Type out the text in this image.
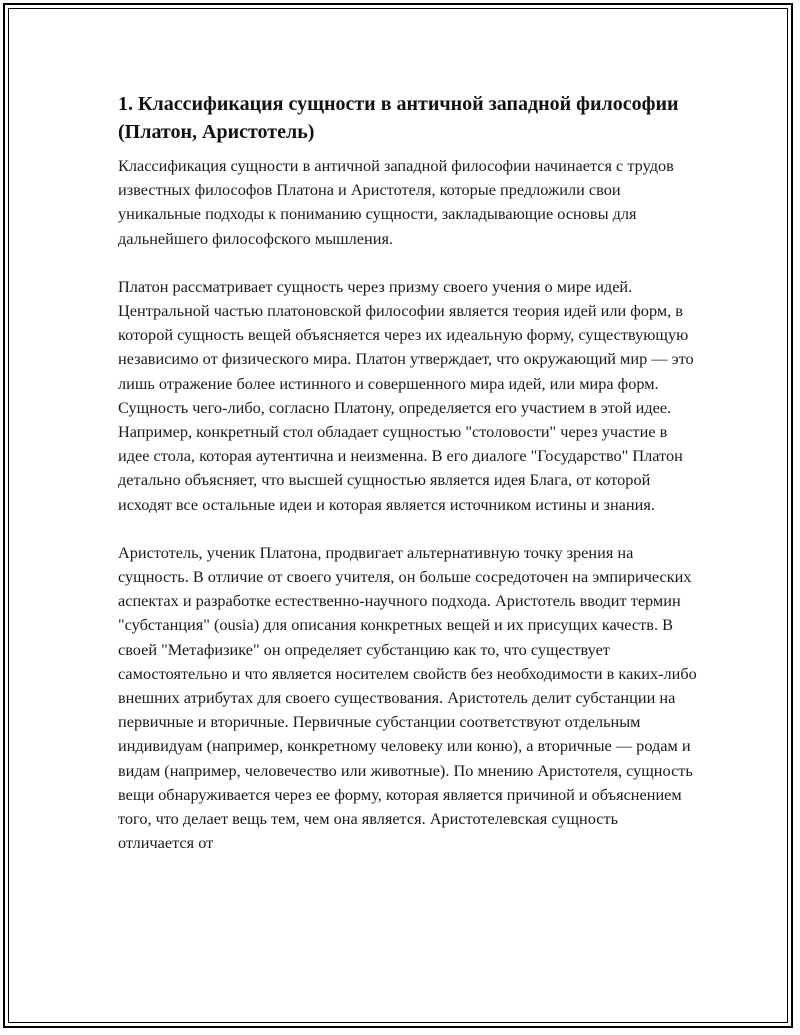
1. Классификация сущности в античной западной философии (Платон, Аристотель)

Классификация сущности в античной западной философии начинается с трудов известных философов Платона и Аристотеля, которые предложили свои уникальные подходы к пониманию сущности, закладывающие основы для дальнейшего философского мышления.

Платон рассматривает сущность через призму своего учения о мире идей. Центральной частью платоновской философии является теория идей или форм, в которой сущность вещей объясняется через их идеальную форму, существующую независимо от физического мира. Платон утверждает, что окружающий мир — это лишь отражение более истинного и совершенного мира идей, или мира форм. Сущность чего-либо, согласно Платону, определяется его участием в этой идее. Например, конкретный стол обладает сущностью "столовости" через участие в идее стола, которая аутентична и неизменна. В его диалоге "Государство" Платон детально объясняет, что высшей сущностью является идея Блага, от которой исходят все остальные идеи и которая является источником истины и знания.

Аристотель, ученик Платона, продвигает альтернативную точку зрения на сущность. В отличие от своего учителя, он больше сосредоточен на эмпирических аспектах и разработке естественно-научного подхода. Аристотель вводит термин "субстанция" (ousia) для описания конкретных вещей и их присущих качеств. В своей "Метафизике" он определяет субстанцию как то, что существует самостоятельно и что является носителем свойств без необходимости в каких-либо внешних атрибутах для своего существования. Аристотель делит субстанции на первичные и вторичные. Первичные субстанции соответствуют отдельным индивидуам (например, конкретному человеку или коню), а вторичные — родам и видам (например, человечество или животные). По мнению Аристотеля, сущность вещи обнаруживается через ее форму, которая является причиной и объяснением того, что делает вещь тем, чем она является. Аристотелевская сущность отличается от
